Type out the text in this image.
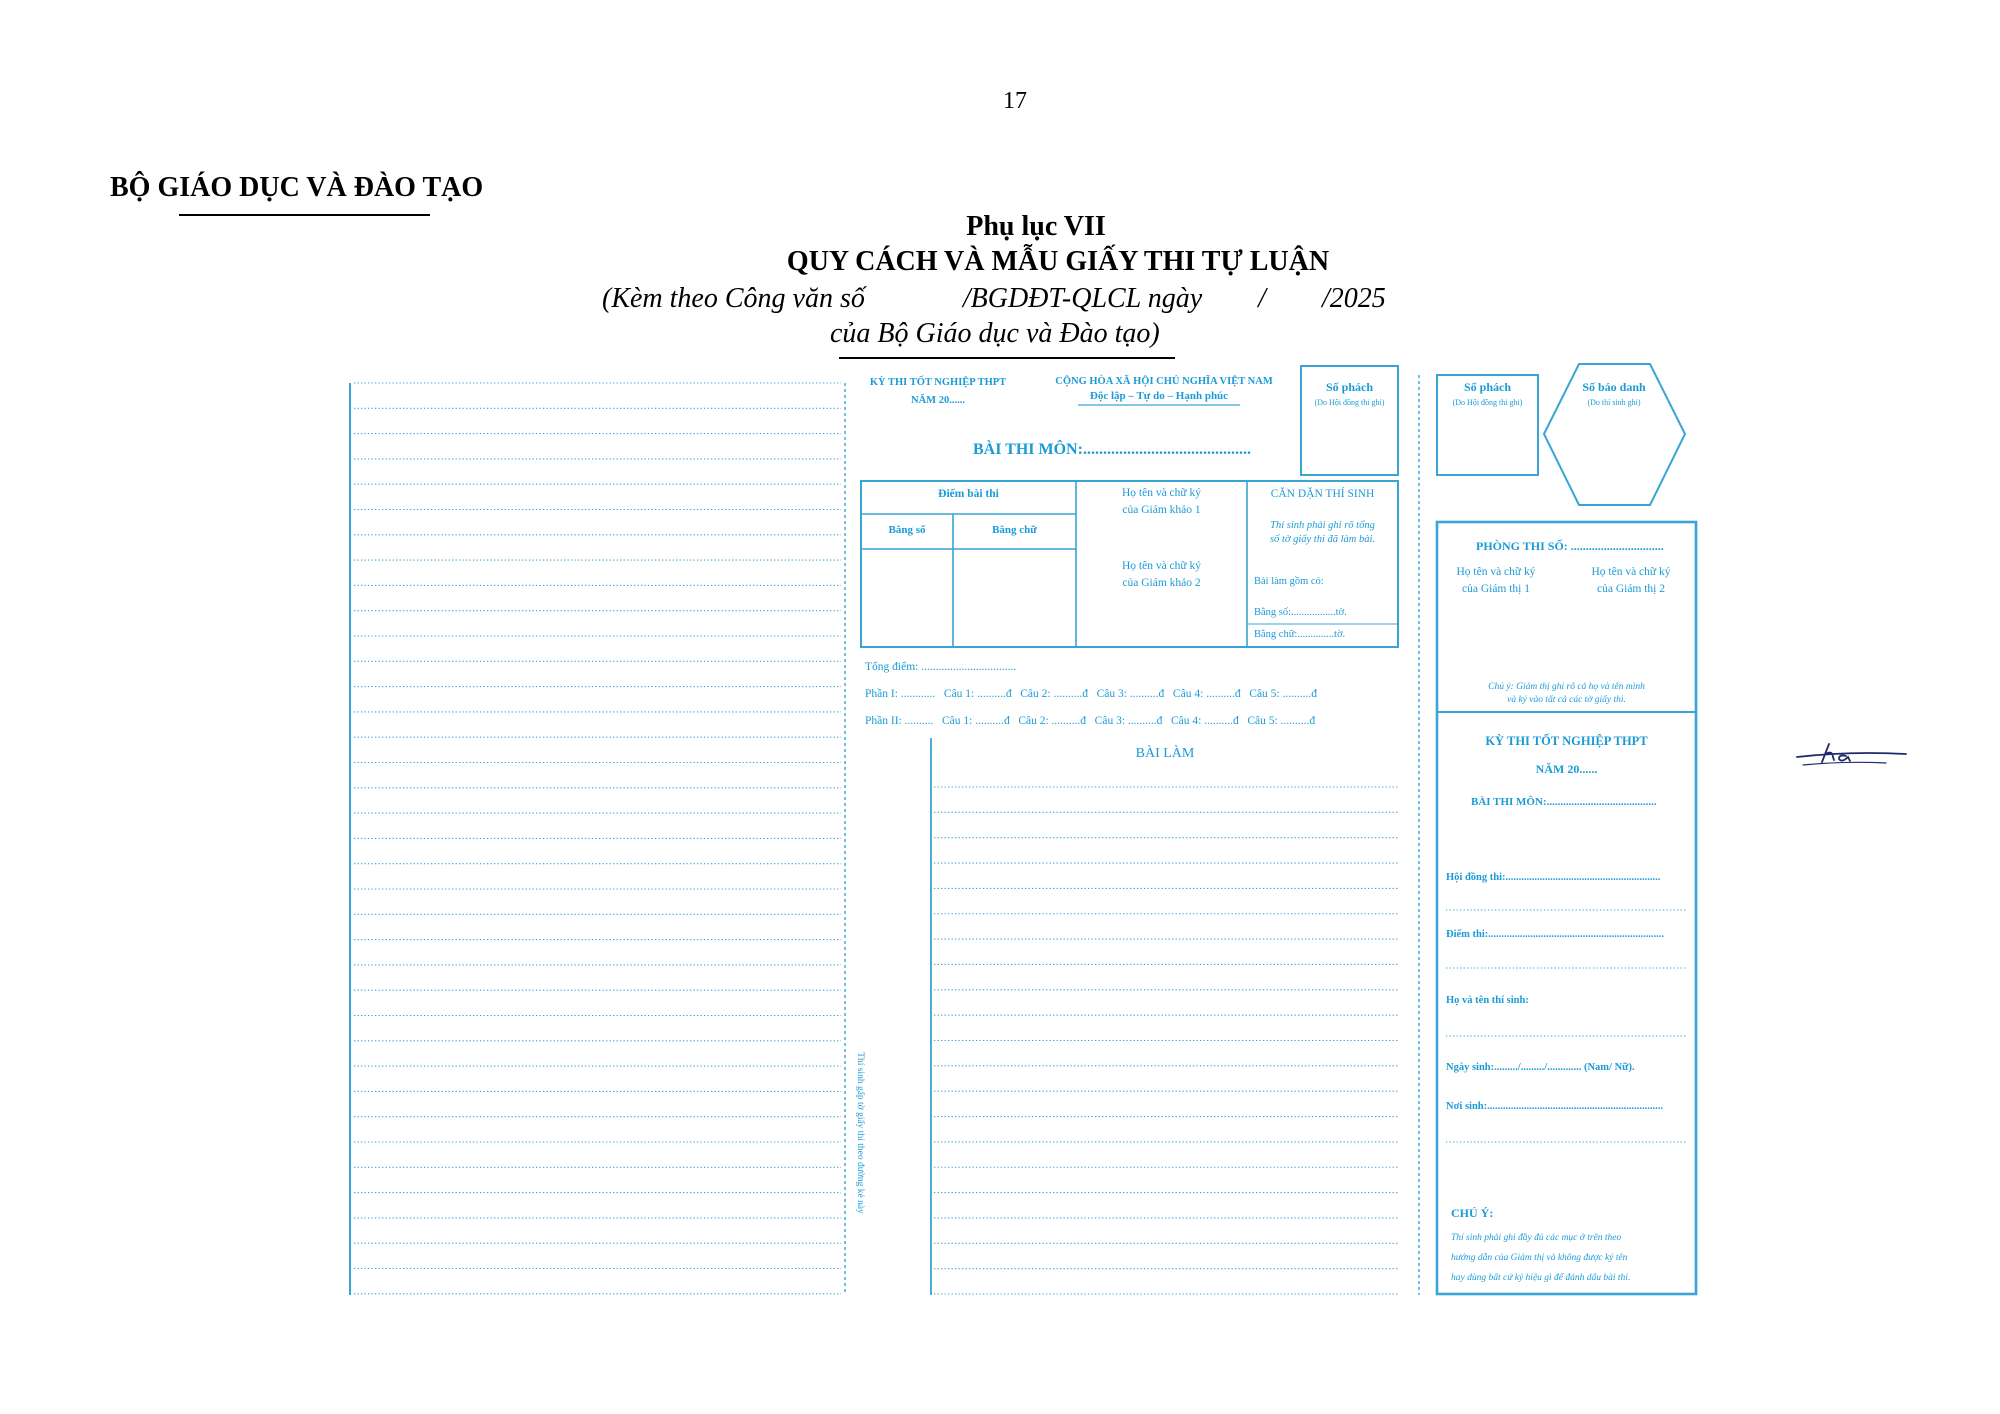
17
BỘ GIÁO DỤC VÀ ĐÀO TẠO
Phụ lục VII
QUY CÁCH VÀ MẪU GIẤY THI TỰ LUẬN
(Kèm theo Công văn số              /BGDĐT-QLCL ngày        /        /2025
của Bộ Giáo dục và Đào tạo)
KỲ THI TỐT NGHIỆP THPT
NĂM 20......
CỘNG HÒA XÃ HỘI CHỦ NGHĨA VIỆT NAM
Độc lập – Tự do – Hạnh phúc
Số phách
(Do Hội đồng thi ghi)
BÀI THI MÔN:..........................................
Điểm bài thi
Bằng số	Bằng chữ
Họ tên và chữ ký
của Giám khảo 1
Họ tên và chữ ký
của Giám khảo 2
CĂN DẶN THÍ SINH
Thí sinh phải ghi rõ tổng
số tờ giấy thi đã làm bài.
Bài làm gồm có:
Bằng số:.................tờ.
Bằng chữ:..............tờ.
Tổng điểm: .................................
Phần I: ............   Câu 1: ..........đ   Câu 2: ..........đ   Câu 3: ..........đ   Câu 4: ..........đ   Câu 5: ..........đ
Phần II: ..........   Câu 1: ..........đ   Câu 2: ..........đ   Câu 3: ..........đ   Câu 4: ..........đ   Câu 5: ..........đ
BÀI LÀM
Thí sinh gấp tờ giấy thi theo đường kẻ này
Số phách
(Do Hội đồng thi ghi)
Số báo danh
(Do thí sinh ghi)
PHÒNG THI SỐ: ...............................
Họ tên và chữ ký
của Giám thị 1
Họ tên và chữ ký
của Giám thị 2
Chú ý: Giám thị ghi rõ cả họ và tên mình
và ký vào tất cả các tờ giấy thi.
KỲ THI TỐT NGHIỆP THPT
NĂM 20......
BÀI THI MÔN:........................................
Hội đồng thi:...........................................................
Điểm thi:...................................................................
Họ và tên thí sinh:
Ngày sinh:........./........./............. (Nam/ Nữ).
Nơi sinh:...................................................................
CHÚ Ý:
Thí sinh phải ghi đầy đủ các mục ở trên theo
hướng dẫn của Giám thị và không được ký tên
hay dùng bất cứ ký hiệu gì để đánh dấu bài thi.
